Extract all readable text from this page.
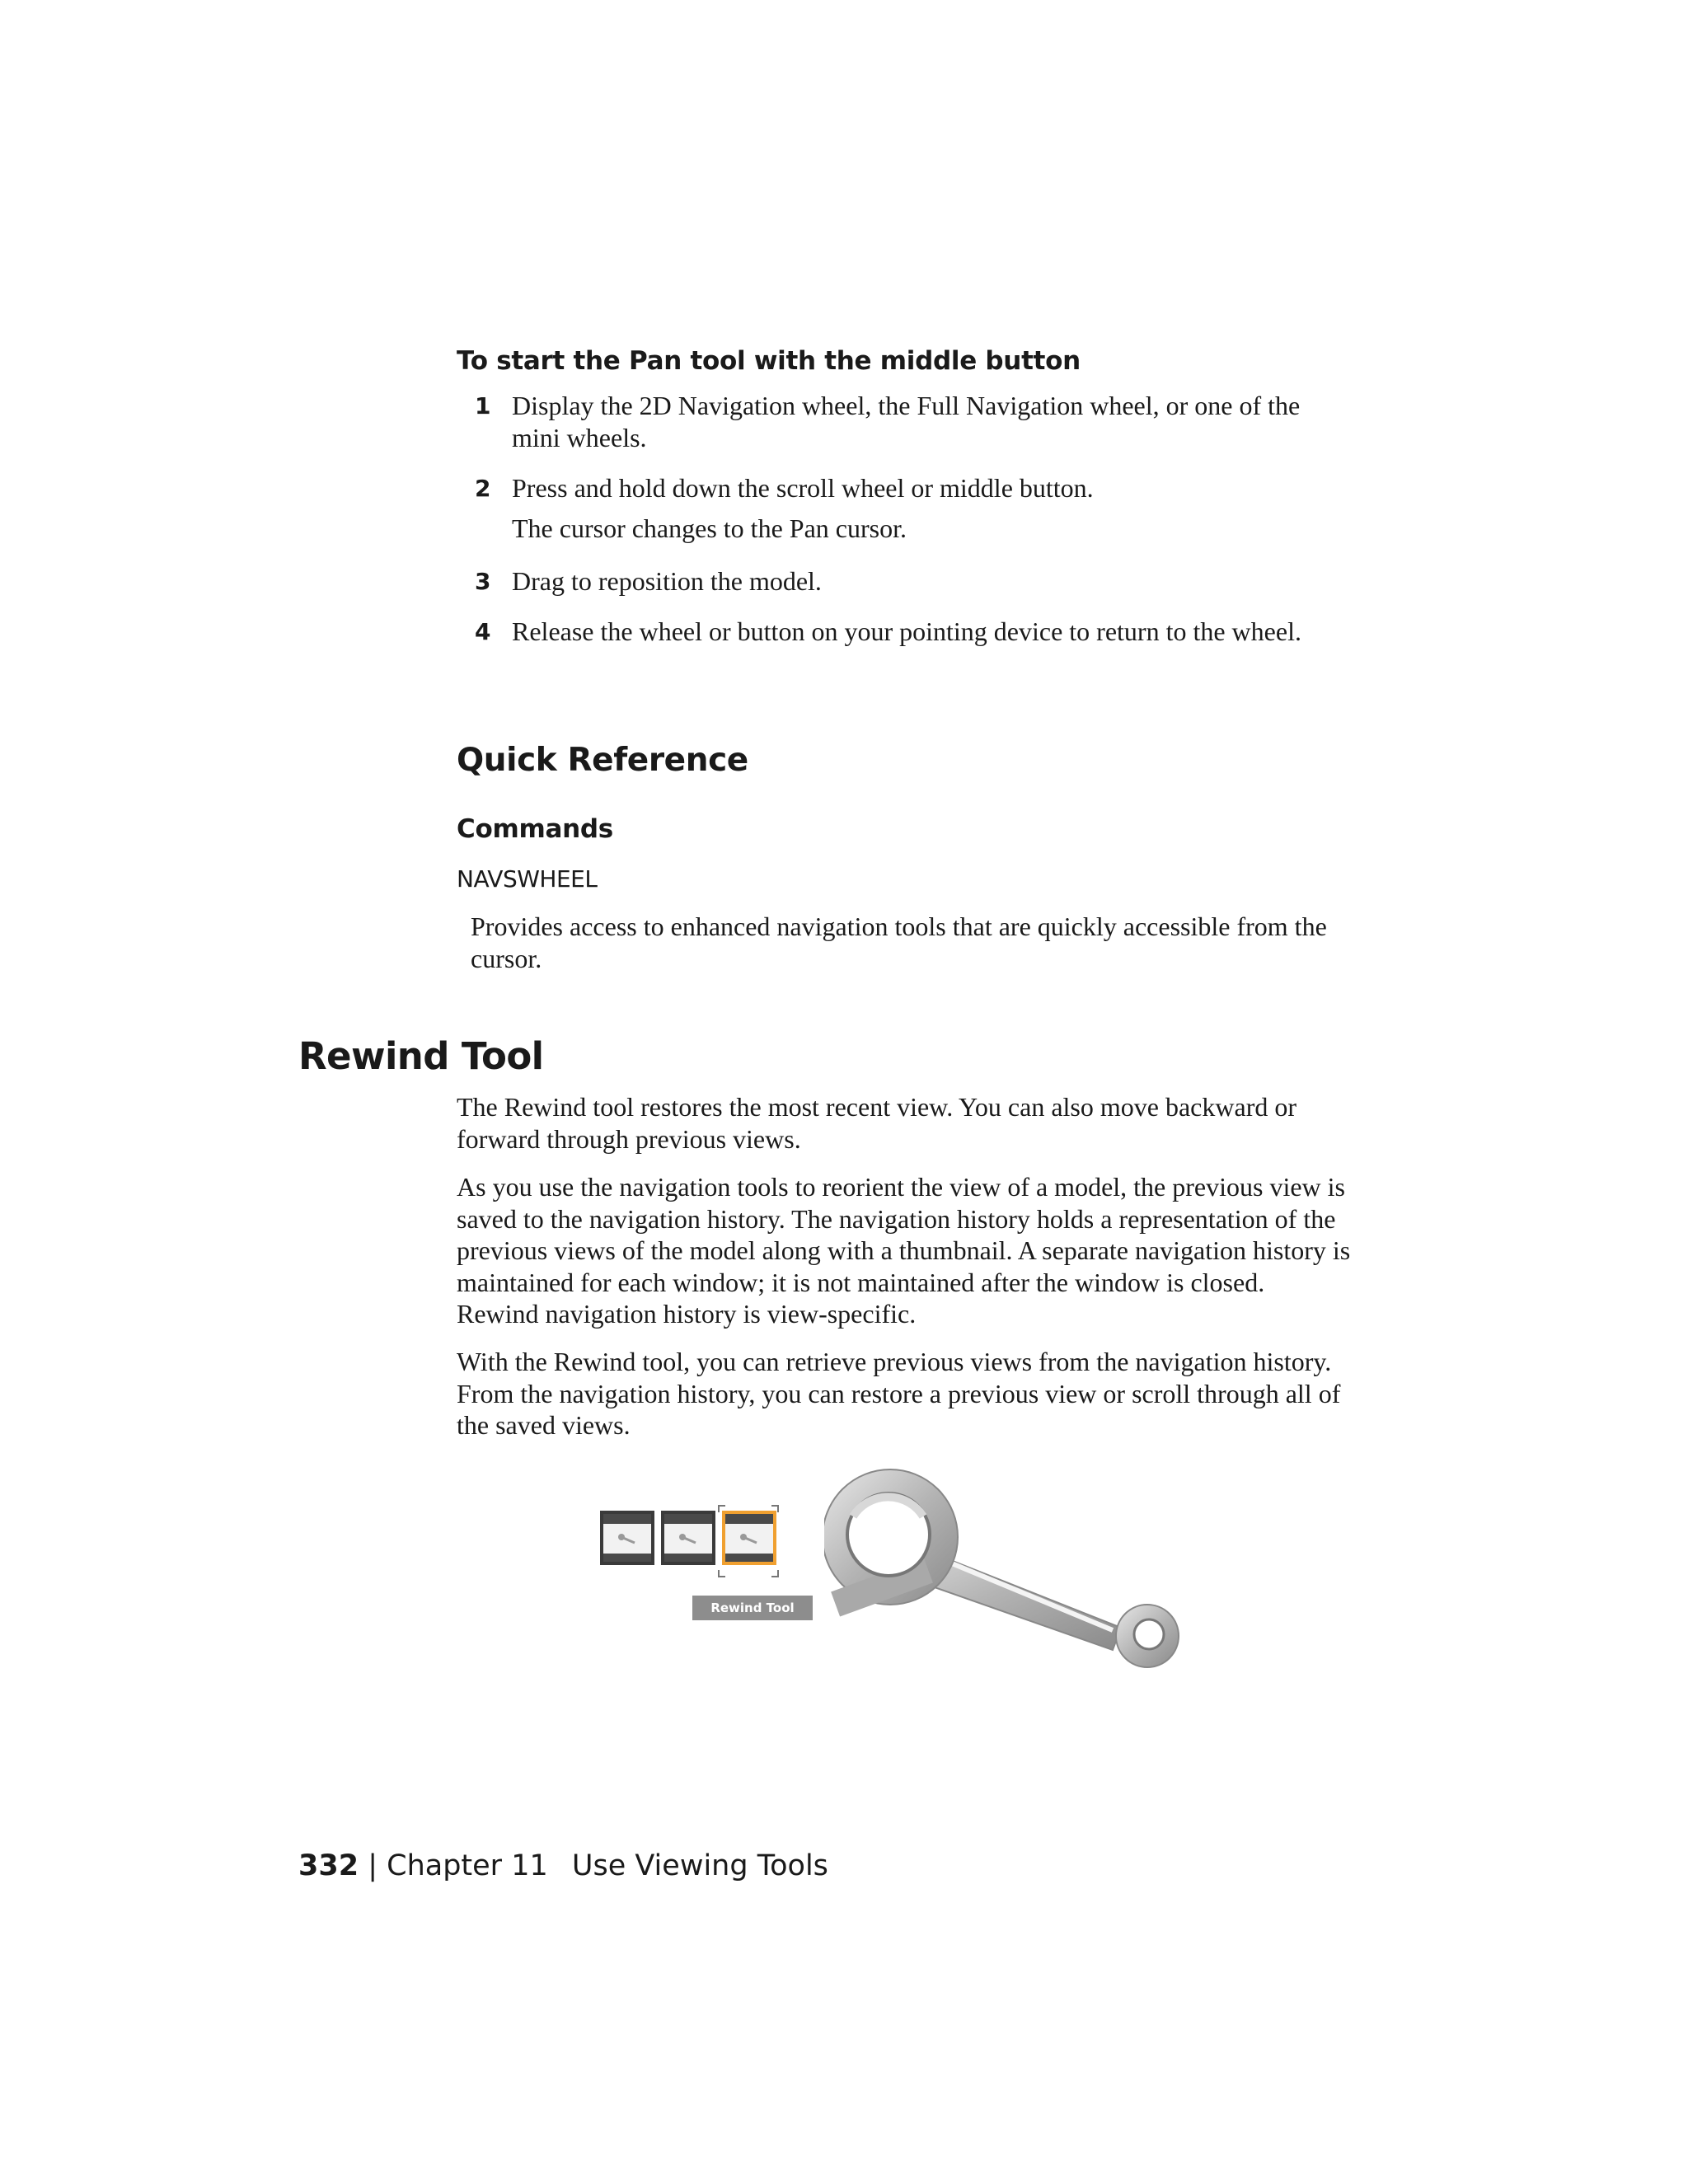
To start the Pan tool with the middle button
1 Display the 2D Navigation wheel, the Full Navigation wheel, or one of the mini wheels.
2 Press and hold down the scroll wheel or middle button.
The cursor changes to the Pan cursor.
3 Drag to reposition the model.
4 Release the wheel or button on your pointing device to return to the wheel.
Quick Reference
Commands
NAVSWHEEL
Provides access to enhanced navigation tools that are quickly accessible from the cursor.
Rewind Tool
The Rewind tool restores the most recent view. You can also move backward or forward through previous views.
As you use the navigation tools to reorient the view of a model, the previous view is saved to the navigation history. The navigation history holds a representation of the previous views of the model along with a thumbnail. A separate navigation history is maintained for each window; it is not maintained after the window is closed. Rewind navigation history is view-specific.
With the Rewind tool, you can retrieve previous views from the navigation history. From the navigation history, you can restore a previous view or scroll through all of the saved views.
Rewind Tool
332 | Chapter 11 Use Viewing Tools
